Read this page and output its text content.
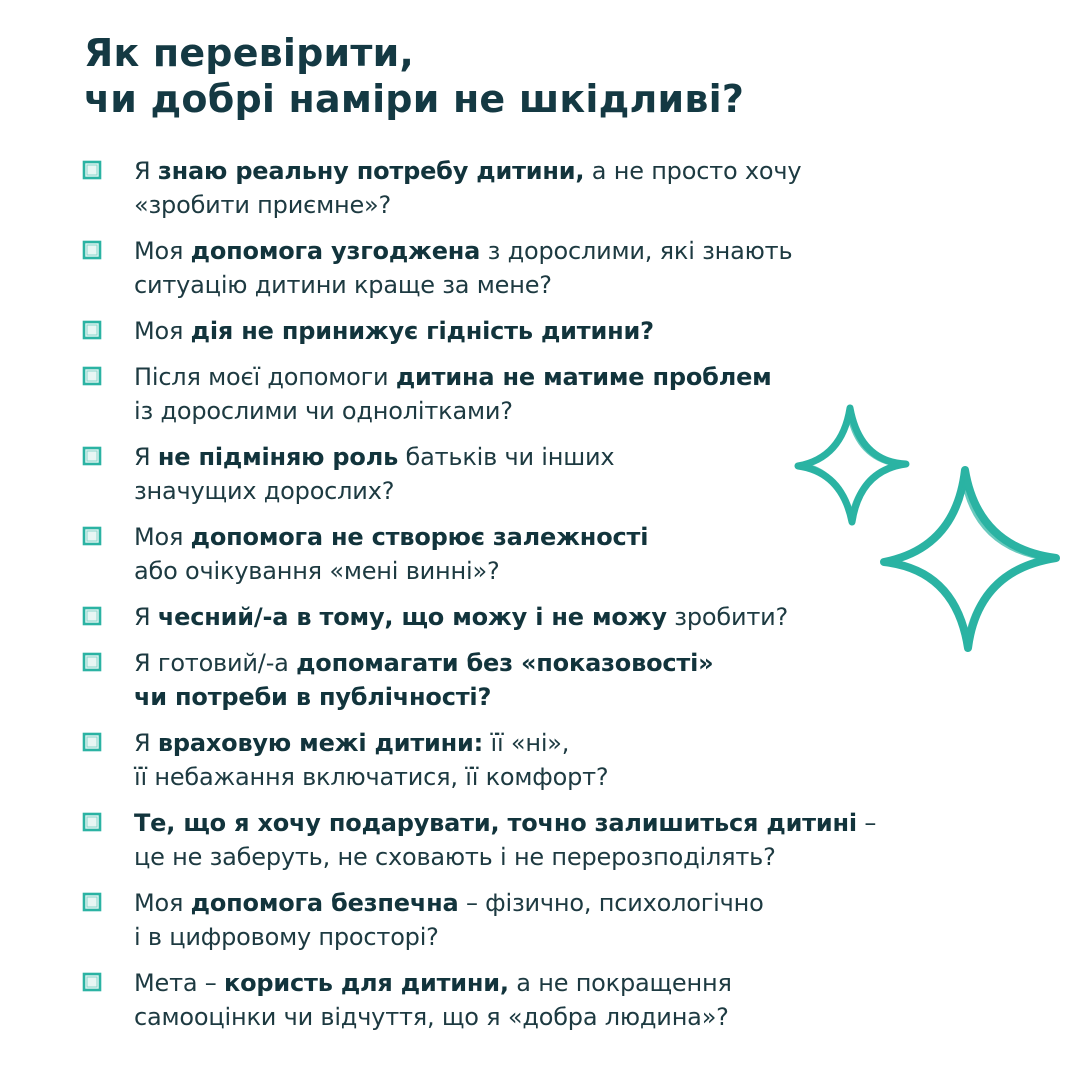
Як перевірити,
чи добрі наміри не шкідливі?

Я знаю реальну потребу дитини, а не просто хочу
«зробити приємне»?

Моя допомога узгоджена з дорослими, які знають
ситуацію дитини краще за мене?

Моя дія не принижує гідність дитини?

Після моєї допомоги дитина не матиме проблем
із дорослими чи однолітками?

Я не підміняю роль батьків чи інших
значущих дорослих?

Моя допомога не створює залежності
або очікування «мені винні»?

Я чесний/-а в тому, що можу і не можу зробити?

Я готовий/-а допомагати без «показовості»
чи потреби в публічності?

Я враховую межі дитини: її «ні»,
її небажання включатися, її комфорт?

Те, що я хочу подарувати, точно залишиться дитині –
це не заберуть, не сховають і не перерозподілять?

Моя допомога безпечна – фізично, психологічно
і в цифровому просторі?

Мета – користь для дитини, а не покращення
самооцінки чи відчуття, що я «добра людина»?
